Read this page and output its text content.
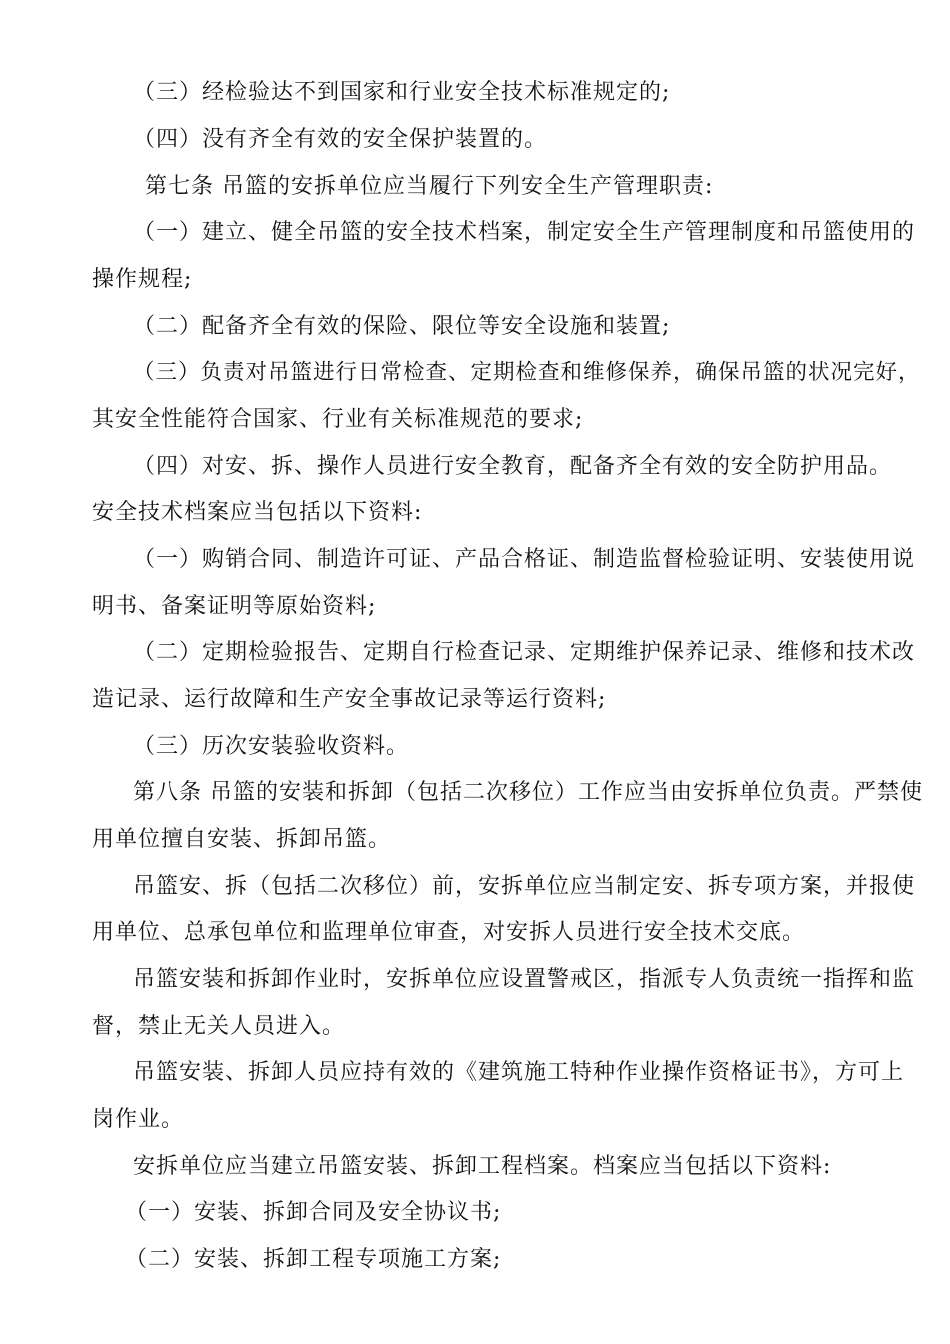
（三）经检验达不到国家和行业安全技术标准规定的;
（四）没有齐全有效的安全保护装置的。
第七条 吊篮的安拆单位应当履行下列安全生产管理职责:
（一）建立、健全吊篮的安全技术档案，制定安全生产管理制度和吊篮使用的
操作规程;
（二）配备齐全有效的保险、限位等安全设施和装置;
（三）负责对吊篮进行日常检查、定期检查和维修保养，确保吊篮的状况完好，
其安全性能符合国家、行业有关标准规范的要求;
（四）对安、拆、操作人员进行安全教育，配备齐全有效的安全防护用品。
安全技术档案应当包括以下资料:
（一）购销合同、制造许可证、产品合格证、制造监督检验证明、安装使用说
明书、备案证明等原始资料;
（二）定期检验报告、定期自行检查记录、定期维护保养记录、维修和技术改
造记录、运行故障和生产安全事故记录等运行资料;
（三）历次安装验收资料。
第八条 吊篮的安装和拆卸（包括二次移位）工作应当由安拆单位负责。严禁使
用单位擅自安装、拆卸吊篮。
吊篮安、拆（包括二次移位）前，安拆单位应当制定安、拆专项方案，并报使
用单位、总承包单位和监理单位审查，对安拆人员进行安全技术交底。
吊篮安装和拆卸作业时，安拆单位应设置警戒区，指派专人负责统一指挥和监
督，禁止无关人员进入。
吊篮安装、拆卸人员应持有效的《建筑施工特种作业操作资格证书》，方可上
岗作业。
安拆单位应当建立吊篮安装、拆卸工程档案。档案应当包括以下资料:
（一）安装、拆卸合同及安全协议书;
（二）安装、拆卸工程专项施工方案;
